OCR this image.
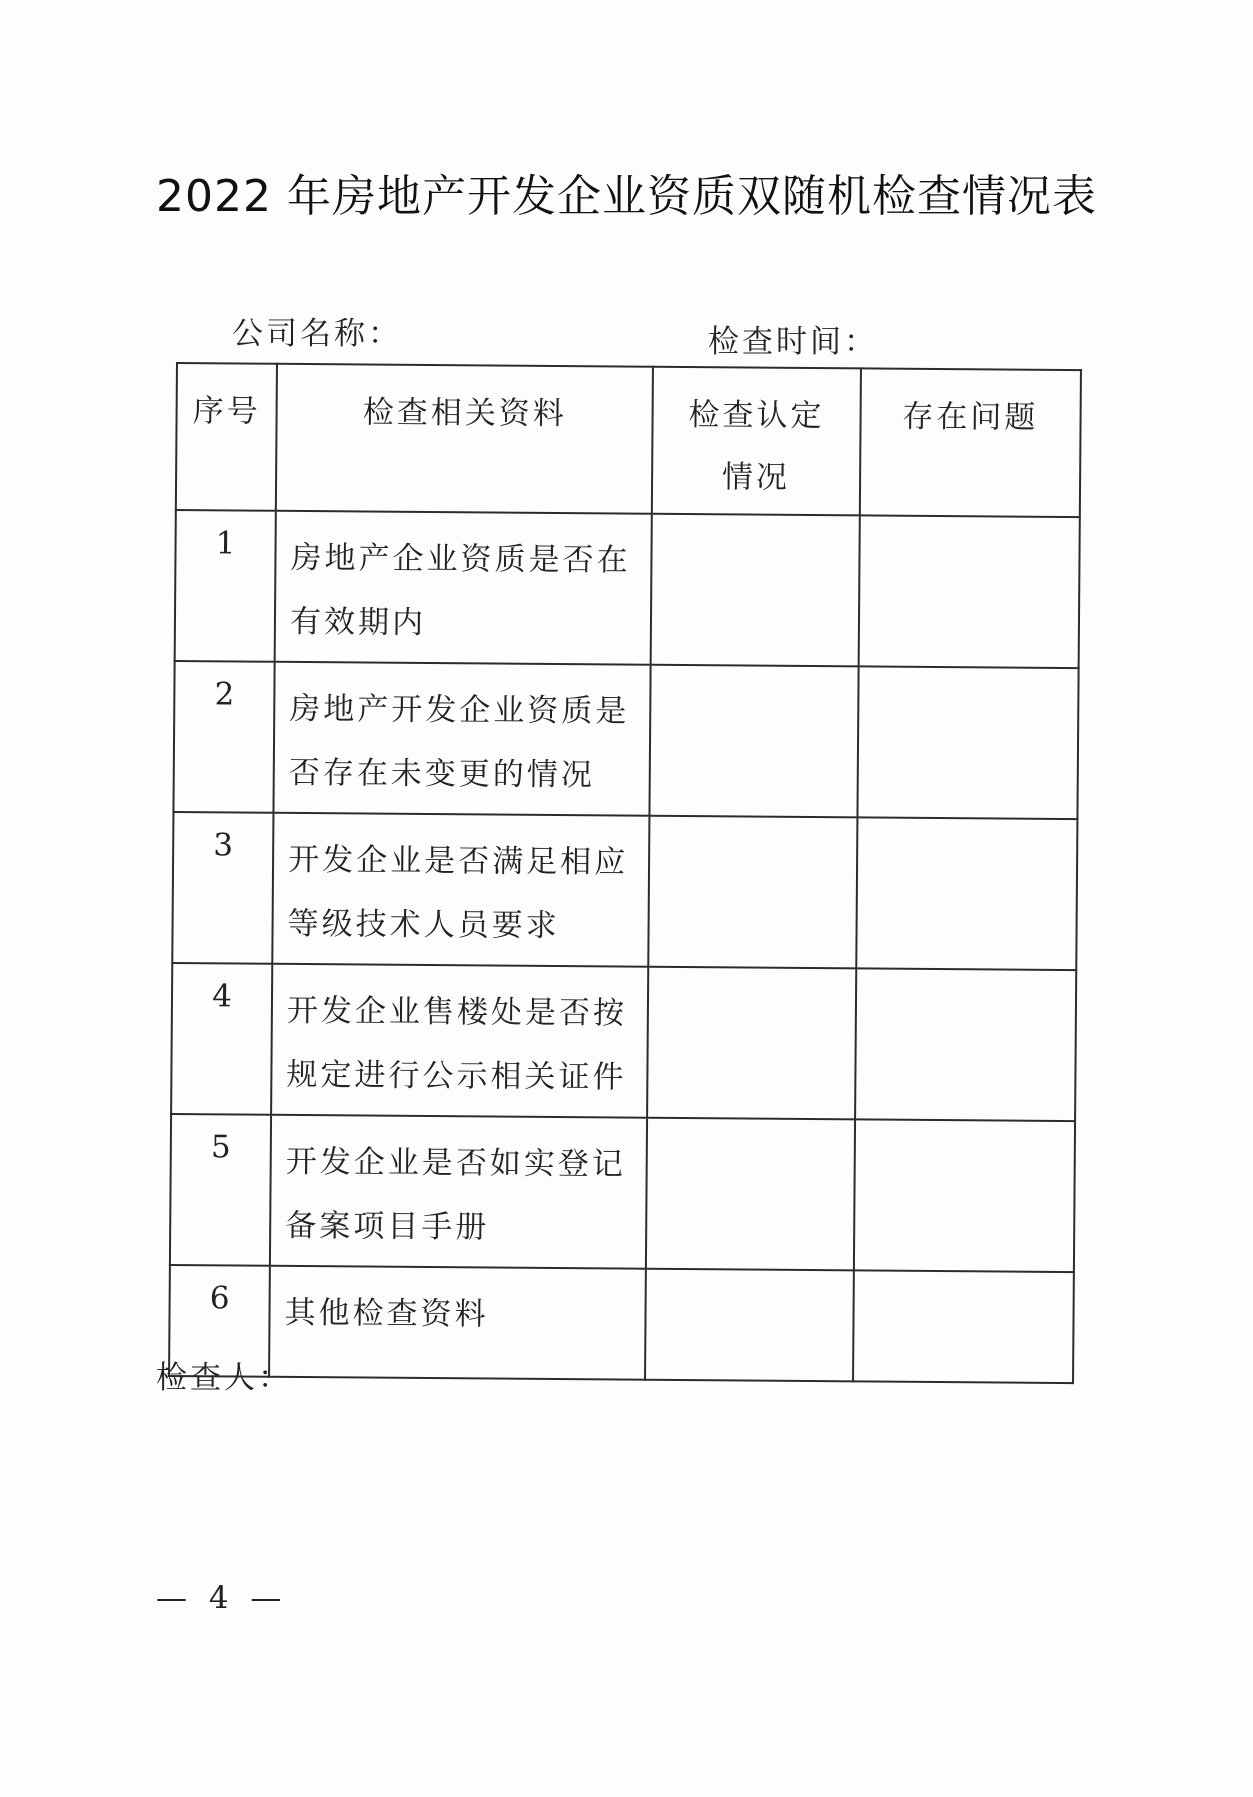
2022 年房地产开发企业资质双随机检查情况表
公司名称：	检查时间：
序号	检查相关资料	检查认定情况	存在问题
1	房地产企业资质是否在有效期内		
2	房地产开发企业资质是否存在未变更的情况		
3	开发企业是否满足相应等级技术人员要求		
4	开发企业售楼处是否按规定进行公示相关证件		
5	开发企业是否如实登记备案项目手册		
6	其他检查资料		
检查人：
— 4 —
